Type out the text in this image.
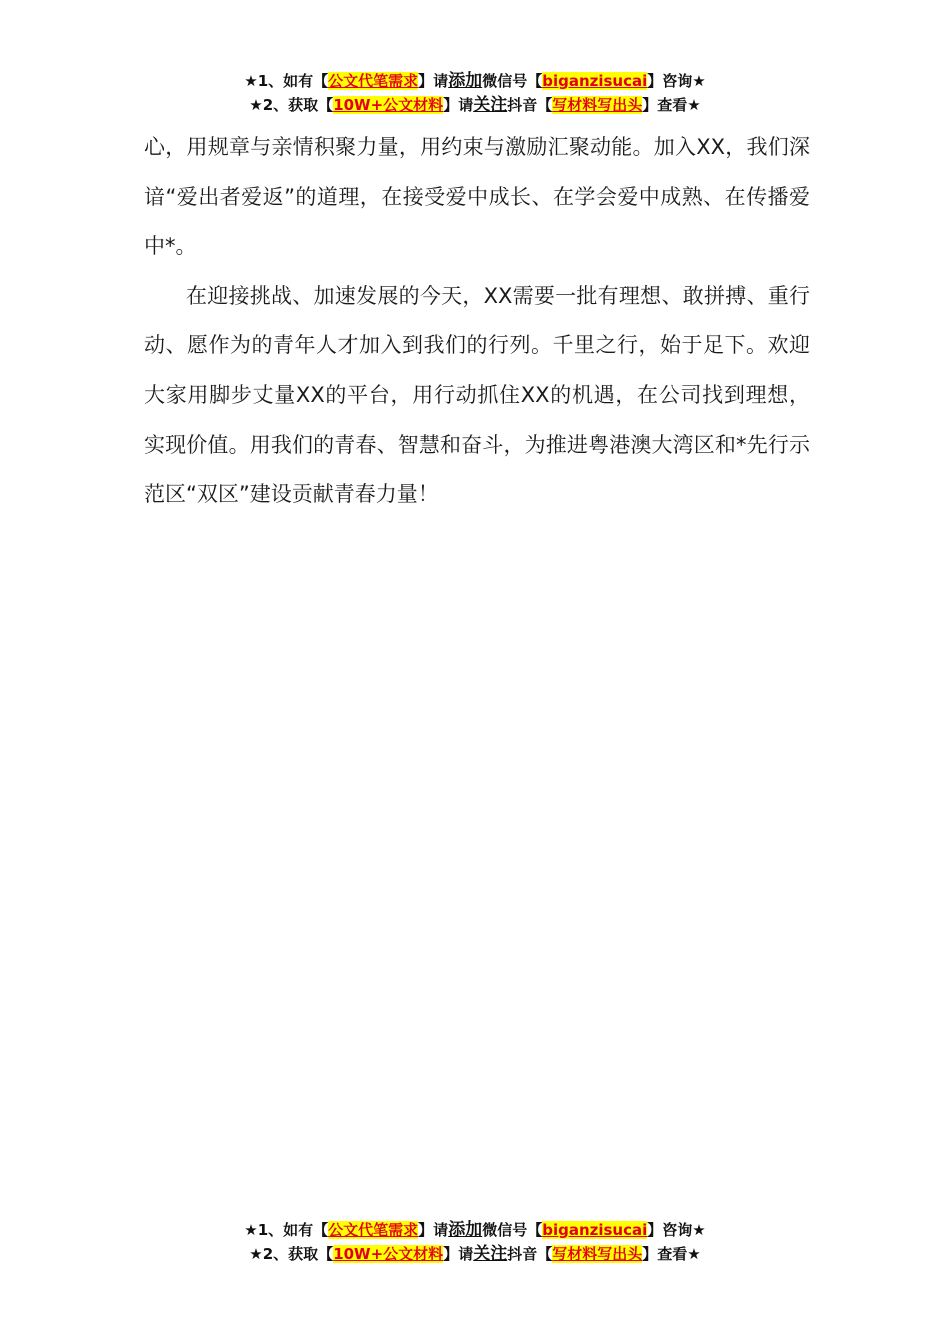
★1、如有【公文代笔需求】请添加微信号【biganzisucai】咨询★
★2、获取【10W+公文材料】请关注抖音【写材料写出头】查看★

心，用规章与亲情积聚力量，用约束与激励汇聚动能。加入XX，我们深谙“爱出者爱返”的道理，在接受爱中成长、在学会爱中成熟、在传播爱中*。

在迎接挑战、加速发展的今天，XX需要一批有理想、敢拼搏、重行动、愿作为的青年人才加入到我们的行列。千里之行，始于足下。欢迎大家用脚步丈量XX的平台，用行动抓住XX的机遇，在公司找到理想，实现价值。用我们的青春、智慧和奋斗，为推进粤港澳大湾区和*先行示范区“双区”建设贡献青春力量！

★1、如有【公文代笔需求】请添加微信号【biganzisucai】咨询★
★2、获取【10W+公文材料】请关注抖音【写材料写出头】查看★
